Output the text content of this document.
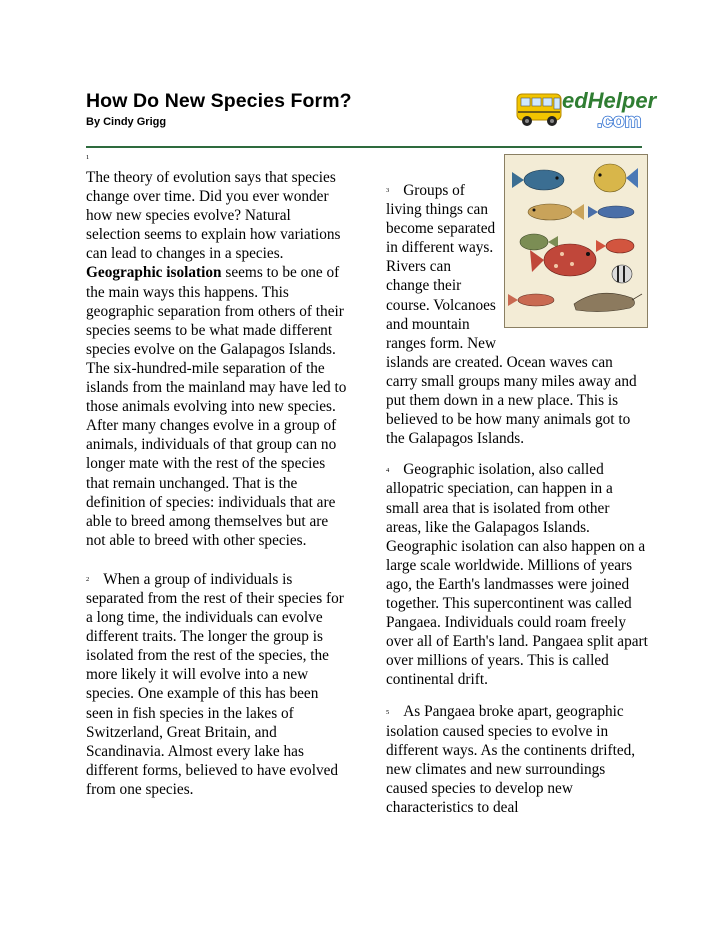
How Do New Species Form?
By Cindy Grigg
edHelper
.com

1
The theory of evolution says that species change over time. Did you ever wonder how new species evolve? Natural selection seems to explain how variations can lead to changes in a species. Geographic isolation seems to be one of the main ways this happens. This geographic separation from others of their species seems to be what made different species evolve on the Galapagos Islands. The six-hundred-mile separation of the islands from the mainland may have led to those animals evolving into new species. After many changes evolve in a group of animals, individuals of that group can no longer mate with the rest of the species that remain unchanged. That is the definition of species: individuals that are able to breed among themselves but are not able to breed with other species.

2 When a group of individuals is separated from the rest of their species for a long time, the individuals can evolve different traits. The longer the group is isolated from the rest of the species, the more likely it will evolve into a new species. One example of this has been seen in fish species in the lakes of Switzerland, Great Britain, and Scandinavia. Almost every lake has different forms, believed to have evolved from one species.

3 Groups of living things can become separated in different ways. Rivers can change their course. Volcanoes and mountain ranges form. New islands are created. Ocean waves can carry small groups many miles away and put them down in a new place. This is believed to be how many animals got to the Galapagos Islands.

4 Geographic isolation, also called allopatric speciation, can happen in a small area that is isolated from other areas, like the Galapagos Islands. Geographic isolation can also happen on a large scale worldwide. Millions of years ago, the Earth's landmasses were joined together. This supercontinent was called Pangaea. Individuals could roam freely over all of Earth's land. Pangaea split apart over millions of years. This is called continental drift.

5 As Pangaea broke apart, geographic isolation caused species to evolve in different ways. As the continents drifted, new climates and new surroundings caused species to develop new characteristics to deal
